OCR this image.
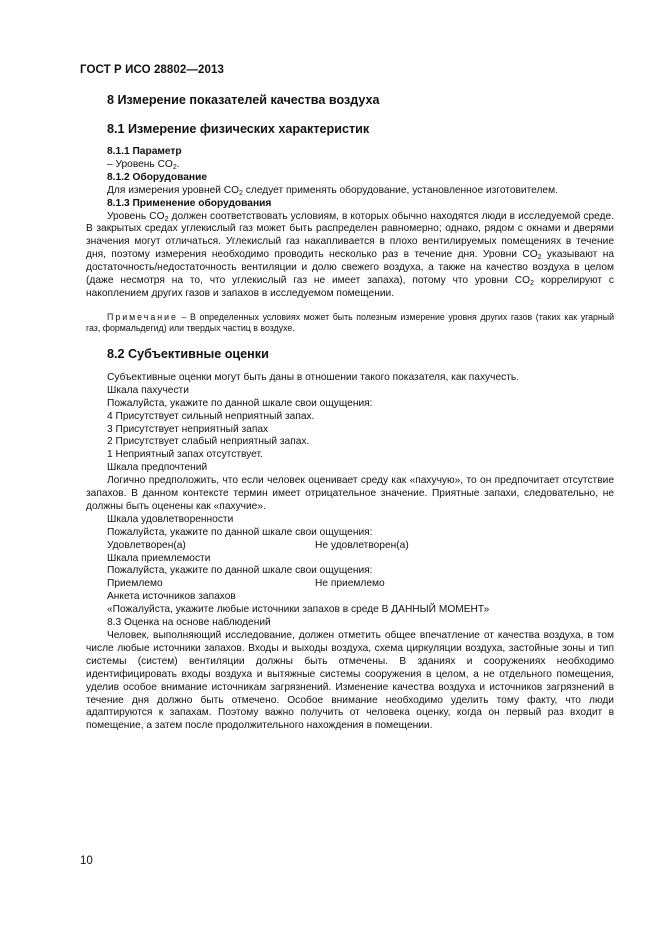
ГОСТ Р ИСО 28802—2013
8 Измерение показателей качества воздуха
8.1 Измерение физических характеристик
8.1.1 Параметр
– Уровень $CO_2$.
8.1.2 Оборудование

Для измерения уровней $CO_2$ следует применять оборудование, установленное изготовителем.

8.1.3 Применение оборудования

Уровень $CO_2$ должен соответствовать условиям, в которых обычно находятся люди в исследуемой среде. В закрытых средах углекислый газ может быть распределен равномерно; однако, рядом с окнами и дверями значения могут отличаться. Углекислый газ накапливается в плохо вентилируемых помещениях в течение дня, поэтому измерения необходимо проводить несколько раз в течение дня. Уровни $CO_2$ указывают на достаточность/недостаточность вентиляции и долю свежего воздуха, а также на качество воздуха в целом (даже несмотря на то, что углекислый газ не имеет запаха), потому что уровни $CO_2$ коррелируют с накоплением других газов и запахов в исследуемом помещении.

Примечание – В определенных условиях может быть полезным измерение уровня других газов (таких как угарный газ, формальдегид) или твердых частиц в воздухе.

8.2 Субъективные оценки

Субъективные оценки могут быть даны в отношении такого показателя, как пахучесть.

Шкала пахучести
Пожалуйста, укажите по данной шкале свои ощущения:
4 Присутствует сильный неприятный запах.
3 Присутствует неприятный запах
2 Присутствует слабый неприятный запах.
1 Неприятный запах отсутствует.
Шкала предпочтений

Логично предположить, что если человек оценивает среду как «пахучую», то он предпочитает отсутствие запахов. В данном контексте термин имеет отрицательное значение. Приятные запахи, следовательно, не должны быть оценены как «пахучие».

Шкала удовлетворенности
Пожалуйста, укажите по данной шкале свои ощущения:
Удовлетворен(а)	Не удовлетворен(а)
Шкала приемлемости
Пожалуйста, укажите по данной шкале свои ощущения:
Приемлемо	Не приемлемо
Анкета источников запахов
«Пожалуйста, укажите любые источники запахов в среде В ДАННЫЙ МОМЕНТ»
8.3 Оценка на основе наблюдений

Человек, выполняющий исследование, должен отметить общее впечатление от качества воздуха, в том числе любые источники запахов. Входы и выходы воздуха, схема циркуляции воздуха, застойные зоны и тип системы (систем) вентиляции должны быть отмечены. В зданиях и сооружениях необходимо идентифицировать входы воздуха и вытяжные системы сооружения в целом, а не отдельного помещения, уделив особое внимание источникам загрязнений. Изменение качества воздуха и источников загрязнений в течение дня должно быть отмечено. Особое внимание необходимо уделить тому факту, что люди адаптируются к запахам. Поэтому важно получить от человека оценку, когда он первый раз входит в помещение, а затем после продолжительного нахождения в помещении.

10
